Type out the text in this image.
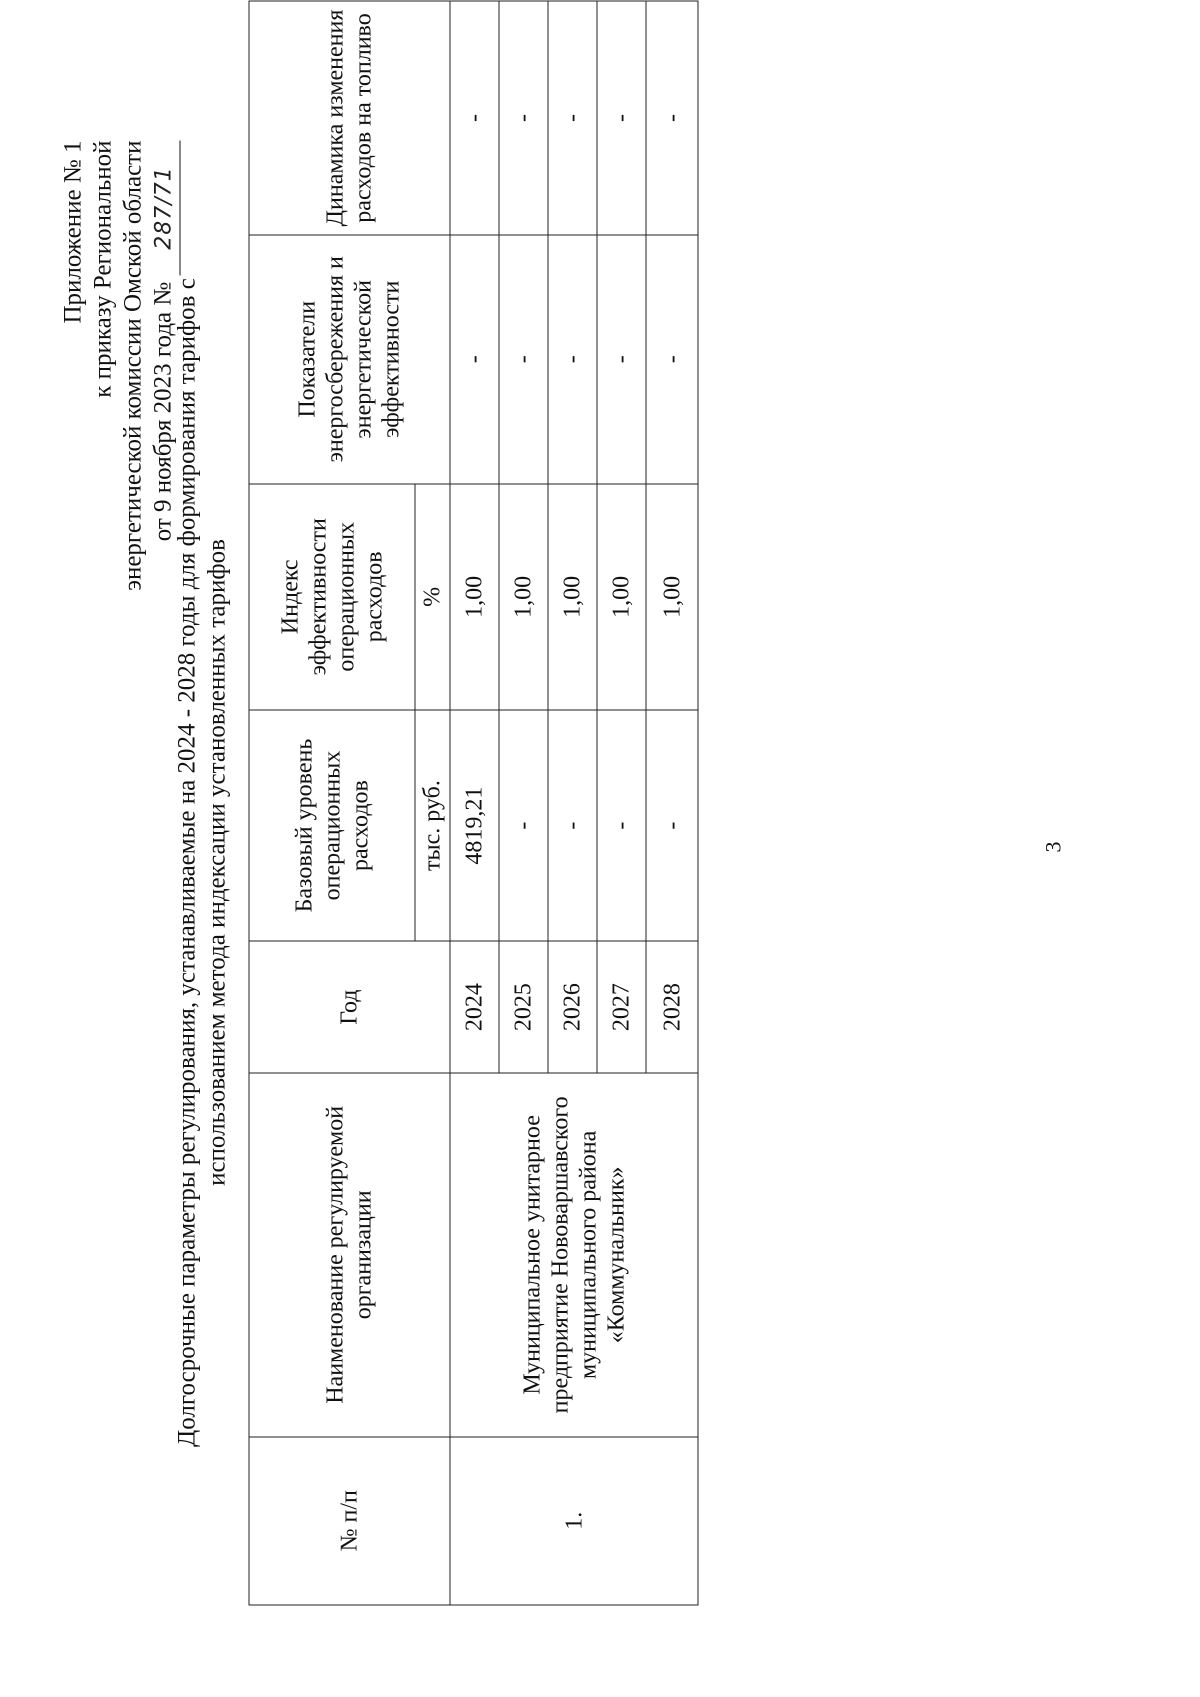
3
Приложение № 1 к приказу Региональной энергетической комиссии Омской области от 9 ноября 2023 года № 287/71
Долгосрочные параметры регулирования, устанавливаемые на 2024 - 2028 годы для формирования тарифов с использованием метода индексации установленных тарифов
№ п/п	Наименование регулируемой организации	Год	Базовый уровень операционных расходов	Индекс эффективности операционных расходов	Показатели энергосбережения и энергетической эффективности	Динамика изменения расходов на топливо
			тыс. руб.	%		
1.	Муниципальное унитарное предприятие Нововаршавского муниципального района «Коммунальник»	2024	4819,21	1,00	-	-
		2025	-	1,00	-	-
		2026	-	1,00	-	-
		2027	-	1,00	-	-
		2028	-	1,00	-	-
